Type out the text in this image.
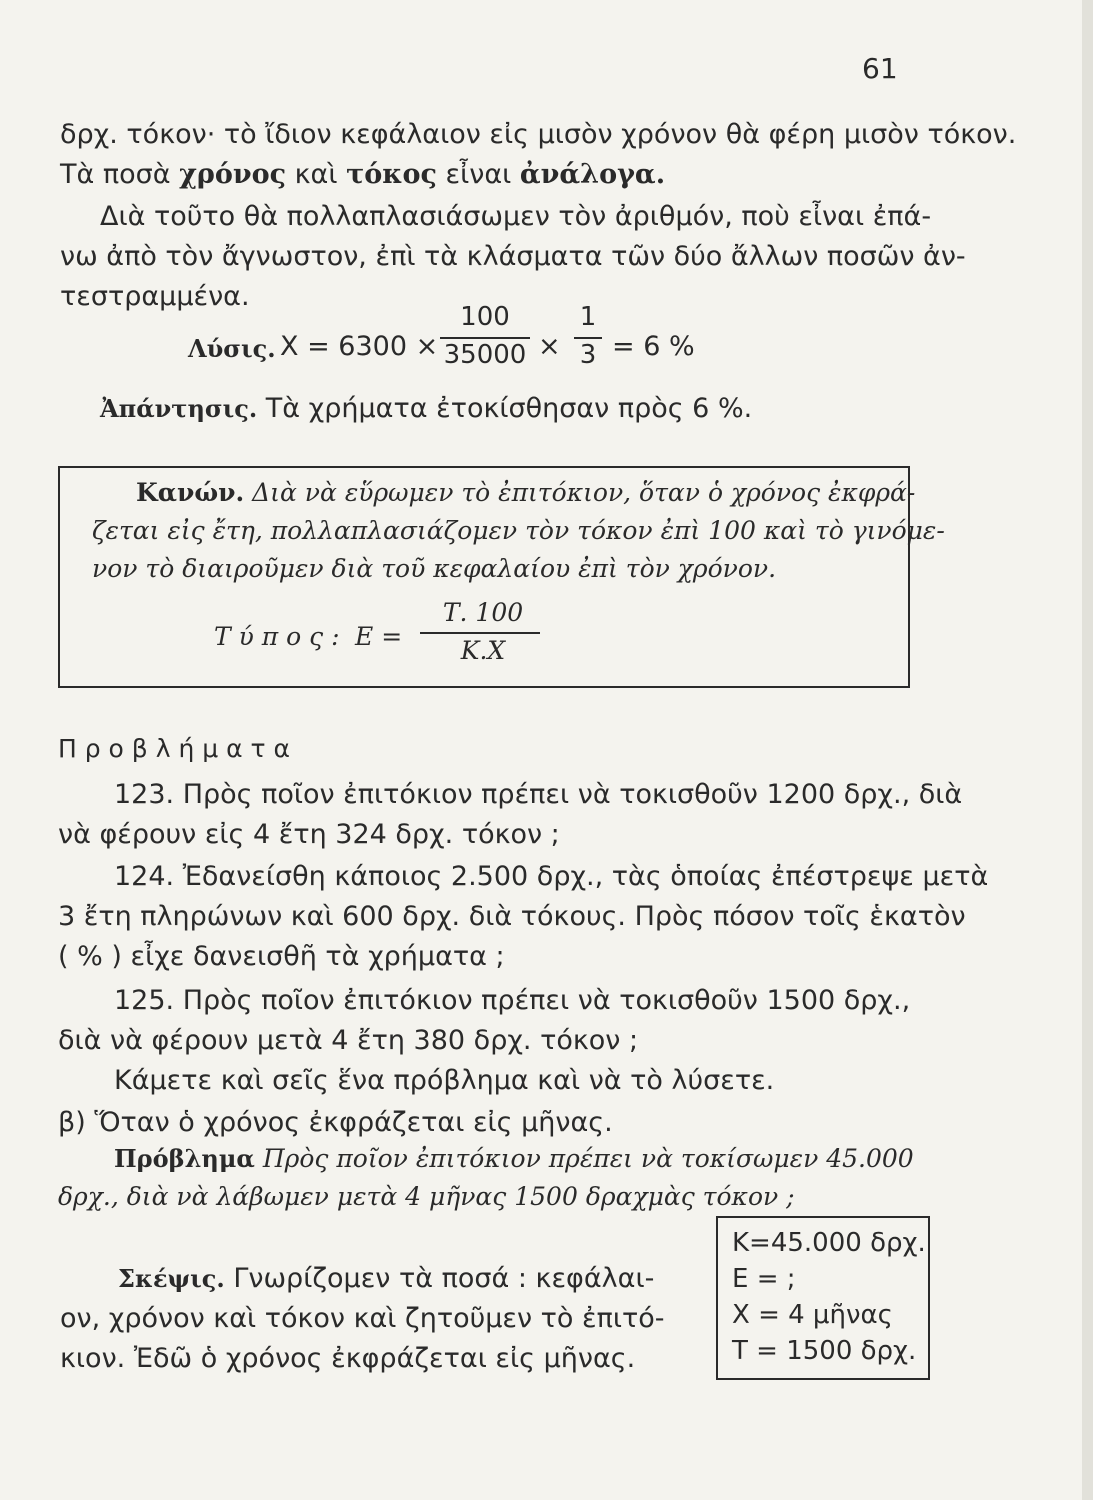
61
δρχ. τόκον· τὸ ἴδιον κεφάλαιον εἰς μισὸν χρόνον θὰ φέρη μισὸν τόκον.
Τὰ ποσὰ χρόνος καὶ τόκος εἶναι ἀνάλογα.
Διὰ τοῦτο θὰ πολλαπλασιάσωμεν τὸν ἀριθμόν, ποὺ εἶναι ἐπά-
νω ἀπὸ τὸν ἄγνωστον, ἐπὶ τὰ κλάσματα τῶν δύο ἄλλων ποσῶν ἀν-
τεστραμμένα.
Λύσις. X = 6300 ×
100
35000 ×
1
3 = 6 %
Ἀπάντησις. Τὰ χρήματα ἐτοκίσθησαν πρὸς 6 %.
Κανών. Διὰ νὰ εὕρωμεν τὸ ἐπιτόκιον, ὅταν ὁ χρόνος ἐκφρά-
ζεται εἰς ἔτη, πολλαπλασιάζομεν τὸν τόκον ἐπὶ 100 καὶ τὸ γινόμε-
νον τὸ διαιροῦμεν διὰ τοῦ κεφαλαίου ἐπὶ τὸν χρόνον.
Τ ύ π ο ς : Ε =
Τ. 100
Κ.Χ
Π ρ ο β λ ή μ α τ α
123. Πρὸς ποῖον ἐπιτόκιον πρέπει νὰ τοκισθοῦν 1200 δρχ., διὰ
νὰ φέρουν εἰς 4 ἔτη 324 δρχ. τόκον ;
124. Ἐδανείσθη κάποιος 2.500 δρχ., τὰς ὁποίας ἐπέστρεψε μετὰ
3 ἔτη πληρώνων καὶ 600 δρχ. διὰ τόκους. Πρὸς πόσον τοῖς ἑκατὸν
( % ) εἶχε δανεισθῆ τὰ χρήματα ;
125. Πρὸς ποῖον ἐπιτόκιον πρέπει νὰ τοκισθοῦν 1500 δρχ.,
διὰ νὰ φέρουν μετὰ 4 ἔτη 380 δρχ. τόκον ;
Κάμετε καὶ σεῖς ἕνα πρόβλημα καὶ νὰ τὸ λύσετε.
β) Ὅταν ὁ χρόνος ἐκφράζεται εἰς μῆνας.
Πρόβλημα Πρὸς ποῖον ἐπιτόκιον πρέπει νὰ τοκίσωμεν 45.000
δρχ., διὰ νὰ λάβωμεν μετὰ 4 μῆνας 1500 δραχμὰς τόκον ;
Κ=45.000 δρχ.
Ε = ;
Χ = 4 μῆνας
Τ = 1500 δρχ.
Σκέψις. Γνωρίζομεν τὰ ποσά : κεφάλαι-
ον, χρόνον καὶ τόκον καὶ ζητοῦμεν τὸ ἐπιτό-
κιον. Ἐδῶ ὁ χρόνος ἐκφράζεται εἰς μῆνας.
